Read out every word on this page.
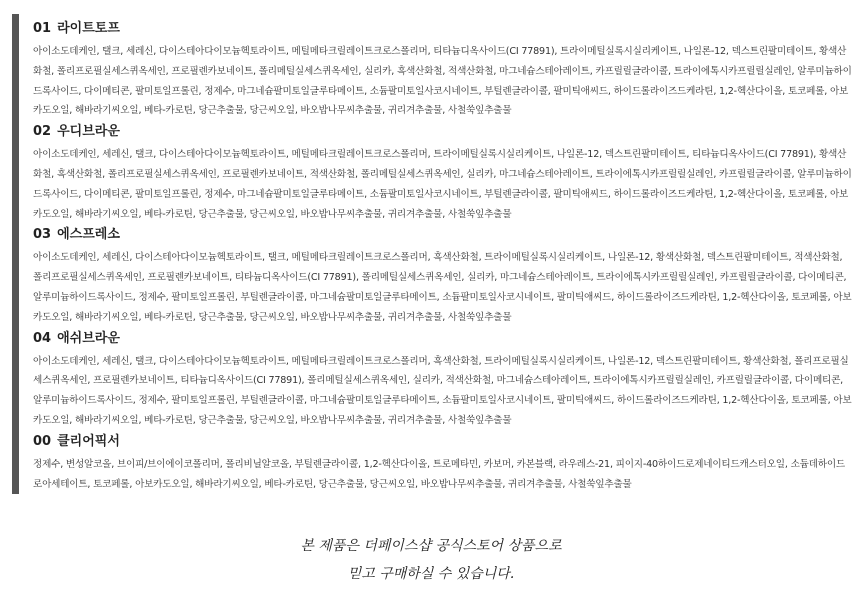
01 라이트토프
아이소도데케인, 탤크, 세레신, 다이스테아다이모늄헥토라이트, 메틸메타크릴레이트크로스폴리머, 티타늄디옥사이드(CI 77891), 트라이메틸실록시실리케이트, 나일론-12, 덱스트린팔미테이트, 황색산화철, 폴리프로필실세스퀴옥세인, 프로필렌카보네이트, 폴리메틸실세스퀴옥세인, 실리카, 흑색산화철, 적색산화철, 마그네슘스테아레이트, 카프릴릴글라이콜, 트라이에톡시카프릴릴실레인, 알루미늄하이드록사이드, 다이메티콘, 팔미토일프롤린, 정제수, 마그네슘팔미토일글루타메이트, 소듐팔미토일사코시네이트, 부틸렌글라이콜, 팔미틱애씨드, 하이드롤라이즈드케라틴, 1,2-헥산다이올, 토코페롤, 아보카도오일, 해바라기씨오일, 베타-카로틴, 당근추출물, 당근씨오일, 바오밥나무씨추출물, 귀리겨추출물, 사철쑥잎추출물
02 우디브라운
아이소도데케인, 세레신, 탤크, 다이스테아다이모늄헥토라이트, 메틸메타크릴레이트크로스폴리머, 트라이메틸실록시실리케이트, 나일론-12, 덱스트린팔미테이트, 티타늄디옥사이드(CI 77891), 황색산화철, 흑색산화철, 폴리프로필실세스퀴옥세인, 프로필렌카보네이트, 적색산화철, 폴리메틸실세스퀴옥세인, 실리카, 마그네슘스테아레이트, 트라이에톡시카프릴릴실레인, 카프릴릴글라이콜, 알루미늄하이드록사이드, 다이메티콘, 팔미토일프롤린, 정제수, 마그네슘팔미토일글루타메이트, 소듐팔미토일사코시네이트, 부틸렌글라이콜, 팔미틱애씨드, 하이드롤라이즈드케라틴, 1,2-헥산다이올, 토코페롤, 아보카도오일, 해바라기씨오일, 베타-카로틴, 당근추출물, 당근씨오일, 바오밥나무씨추출물, 귀리겨추출물, 사철쑥잎추출물
03 에스프레소
아이소도데케인, 세레신, 다이스테아다이모늄헥토라이트, 탤크, 메틸메타크릴레이트크로스폴리머, 흑색산화철, 트라이메틸실록시실리케이트, 나일론-12, 황색산화철, 덱스트린팔미테이트, 적색산화철, 폴리프로필실세스퀴옥세인, 프로필렌카보네이트, 티타늄디옥사이드(CI 77891), 폴리메틸실세스퀴옥세인, 실리카, 마그네슘스테아레이트, 트라이에톡시카프릴릴실레인, 카프릴릴글라이콜, 다이메티콘, 알루미늄하이드록사이드, 정제수, 팔미토일프롤린, 부틸렌글라이콜, 마그네슘팔미토일글루타메이트, 소듐팔미토일사코시네이트, 팔미틱애씨드, 하이드롤라이즈드케라틴, 1,2-헥산다이올, 토코페롤, 아보카도오일, 해바라기씨오일, 베타-카로틴, 당근추출물, 당근씨오일, 바오밥나무씨추출물, 귀리겨추출물, 사철쑥잎추출물
04 애쉬브라운
아이소도데케인, 세레신, 탤크, 다이스테아다이모늄헥토라이트, 메틸메타크릴레이트크로스폴리머, 흑색산화철, 트라이메틸실록시실리케이트, 나일론-12, 덱스트린팔미테이트, 황색산화철, 폴리프로필실세스퀴옥세인, 프로필렌카보네이트, 티타늄디옥사이드(CI 77891), 폴리메틸실세스퀴옥세인, 실리카, 적색산화철, 마그네슘스테아레이트, 트라이에톡시카프릴릴실레인, 카프릴릴글라이콜, 다이메티콘, 알루미늄하이드록사이드, 정제수, 팔미토일프롤린, 부틸렌글라이콜, 마그네슘팔미토일글루타메이트, 소듐팔미토일사코시네이트, 팔미틱애씨드, 하이드롤라이즈드케라틴, 1,2-헥산다이올, 토코페롤, 아보카도오일, 해바라기씨오일, 베타-카로틴, 당근추출물, 당근씨오일, 바오밥나무씨추출물, 귀리겨추출물, 사철쑥잎추출물
00 클리어픽서
정제수, 변성알코올, 브이피/브이에이코폴리머, 폴리비닐알코올, 부틸렌글라이콜, 1,2-헥산다이올, 트로메타민, 카보머, 카본블랙, 라우레스-21, 피이지-40하이드로제네이티드캐스터오일, 소듐데하이드로아세테이트, 토코페롤, 아보카도오일, 해바라기씨오일, 베타-카로틴, 당근추출물, 당근씨오일, 바오밥나무씨추출물, 귀리겨추출물, 사철쑥잎추출물
본 제품은 더페이스샵 공식스토어 상품으로
믿고 구매하실 수 있습니다.
